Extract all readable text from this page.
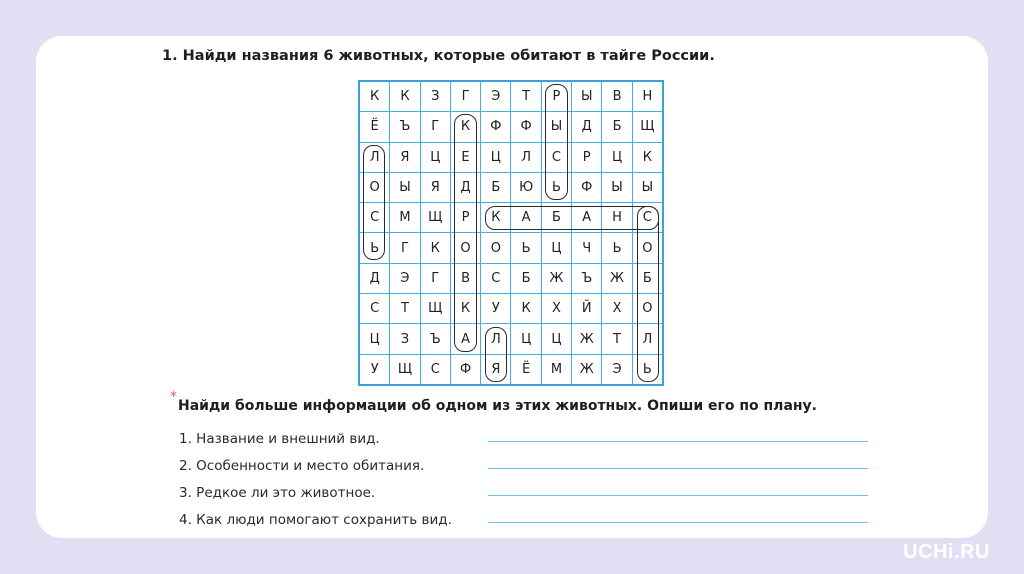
1. Найди названия 6 животных, которые обитают в тайге России.
К	К	З	Г	Э	Т	Р	Ы	В	Н
Ё	Ъ	Г	К	Ф	Ф	Ы	Д	Б	Щ
Л	Я	Ц	Е	Ц	Л	С	Р	Ц	К
О	Ы	Я	Д	Б	Ю	Ь	Ф	Ы	Ы
С	М	Щ	Р	К	А	Б	А	Н	С
Ь	Г	К	О	О	Ь	Ц	Ч	Ь	О
Д	Э	Г	В	С	Б	Ж	Ъ	Ж	Б
С	Т	Щ	К	У	К	Х	Й	Х	О
Ц	З	Ъ	А	Л	Ц	Ц	Ж	Т	Л
У	Щ	С	Ф	Я	Ё	М	Ж	Э	Ь
*
Найди больше информации об одном из этих животных. Опиши его по плану.
1. Название и внешний вид.
2. Особенности и место обитания.
3. Редкое ли это животное.
4. Как люди помогают сохранить вид.
UCHi.RU
